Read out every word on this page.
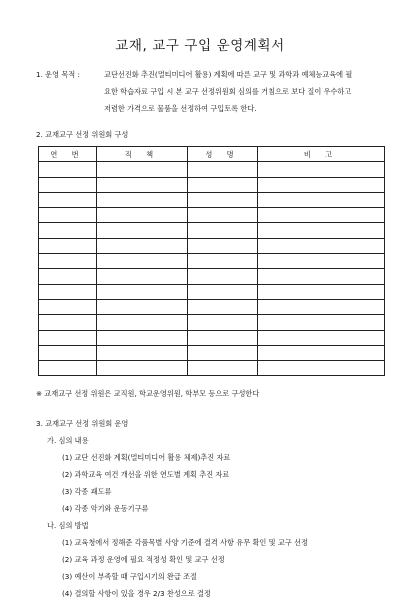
교재, 교구 구입 운영계획서
1. 운영 목적 :	교단선진화 추진(멀티미디어 활용) 계획에 따른 교구 및 과학과 예체능교육에 필
요한 학습자료 구입 시 본 교구 선정위원회 심의를 거침으로 보다 질이 우수하고
저렴한 가격으로 물품을 선정하여 구입토록 한다.
2. 교재교구 선정 위원회 구성
연 번	직 책	성 명	비 고

※ 교재교구 선정 위원은 교직원, 학교운영위원, 학부모 등으로 구성한다
3. 교재교구 선정 위원회 운영
가. 심의 내용
(1) 교단 선진화 계획(멀티미디어 활용 체제)추진 자료
(2) 과학교육 여건 개선을 위한 연도별 계획 추진 자료
(3) 각종 괘도류
(4) 각종 악기와 운동기구류
나. 심의 방법
(1) 교육청에서 정해준 각품목별 사양 기준에 결격 사항 유무 확인 및 교구 선정
(2) 교육 과정 운영에 필요 적정성 확인 및 교구 선정
(3) 예산이 부족할 때 구입시기의 완급 조절
(4) 결의할 사항이 있을 경우 2/3 찬성으로 결정
